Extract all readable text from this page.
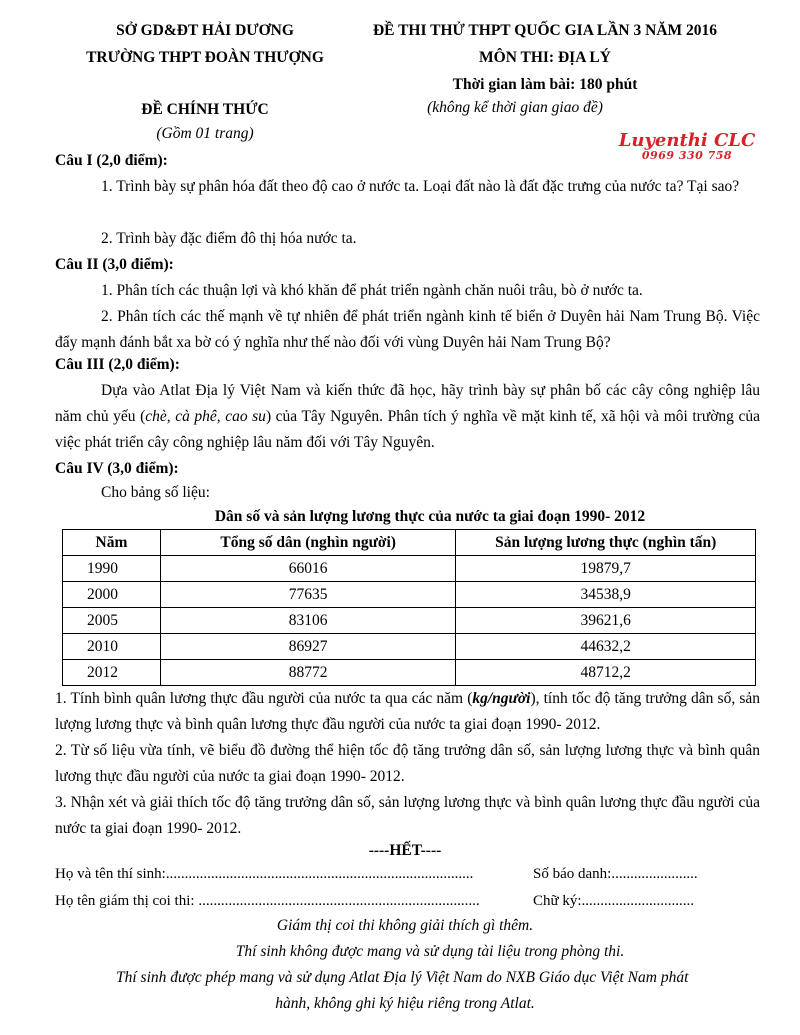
SỞ GD&ĐT HẢI DƯƠNG
TRƯỜNG THPT ĐOÀN THƯỢNG
ĐỀ CHÍNH THỨC
(Gồm 01 trang)
ĐỀ THI THỬ THPT QUỐC GIA LẦN 3 NĂM 2016
MÔN THI: ĐỊA LÝ
Thời gian làm bài: 180 phút
(không kể thời gian giao đề)
Luyenthi CLC
0969 330 758
Câu I (2,0 điểm):
1. Trình bày sự phân hóa đất theo độ cao ở nước ta. Loại đất nào là đất đặc trưng của nước ta? Tại sao?
2. Trình bày đặc điểm đô thị hóa nước ta.
Câu II (3,0 điểm):
1. Phân tích các thuận lợi và khó khăn để phát triển ngành chăn nuôi trâu, bò ở nước ta.
2. Phân tích các thế mạnh về tự nhiên để phát triển ngành kinh tế biển ở Duyên hải Nam Trung Bộ. Việc đẩy mạnh đánh bắt xa bờ có ý nghĩa như thế nào đối với vùng Duyên hải Nam Trung Bộ?
Câu III (2,0 điểm):
Dựa vào Atlat Địa lý Việt Nam và kiến thức đã học, hãy trình bày sự phân bố các cây công nghiệp lâu năm chủ yếu (chè, cà phê, cao su) của Tây Nguyên. Phân tích ý nghĩa về mặt kinh tế, xã hội và môi trường của việc phát triển cây công nghiệp lâu năm đối với Tây Nguyên.
Câu IV (3,0 điểm):
Cho bảng số liệu:
Dân số và sản lượng lương thực của nước ta giai đoạn 1990- 2012
Năm	Tổng số dân (nghìn người)	Sản lượng lương thực (nghìn tấn)
1990	66016	19879,7
2000	77635	34538,9
2005	83106	39621,6
2010	86927	44632,2
2012	88772	48712,2
1. Tính bình quân lương thực đầu người của nước ta qua các năm (kg/người), tính tốc độ tăng trưởng dân số, sản lượng lương thực và bình quân lương thực đầu người của nước ta giai đoạn 1990- 2012.
2. Từ số liệu vừa tính, vẽ biểu đồ đường thể hiện tốc độ tăng trưởng dân số, sản lượng lương thực và bình quân lương thực đầu người của nước ta giai đoạn 1990- 2012.
3. Nhận xét và giải thích tốc độ tăng trưởng dân số, sản lượng lương thực và bình quân lương thực đầu người của nước ta giai đoạn 1990- 2012.
----HẾT----
Họ và tên thí sinh:..................................................................................	Số báo danh:.......................
Họ tên giám thị coi thi: ...........................................................................	Chữ ký:..............................
Giám thị coi thi không giải thích gì thêm.
Thí sinh không được mang và sử dụng tài liệu trong phòng thi.
Thí sinh được phép mang và sử dụng Atlat Địa lý Việt Nam do NXB Giáo dục Việt Nam phát
hành, không ghi ký hiệu riêng trong Atlat.
